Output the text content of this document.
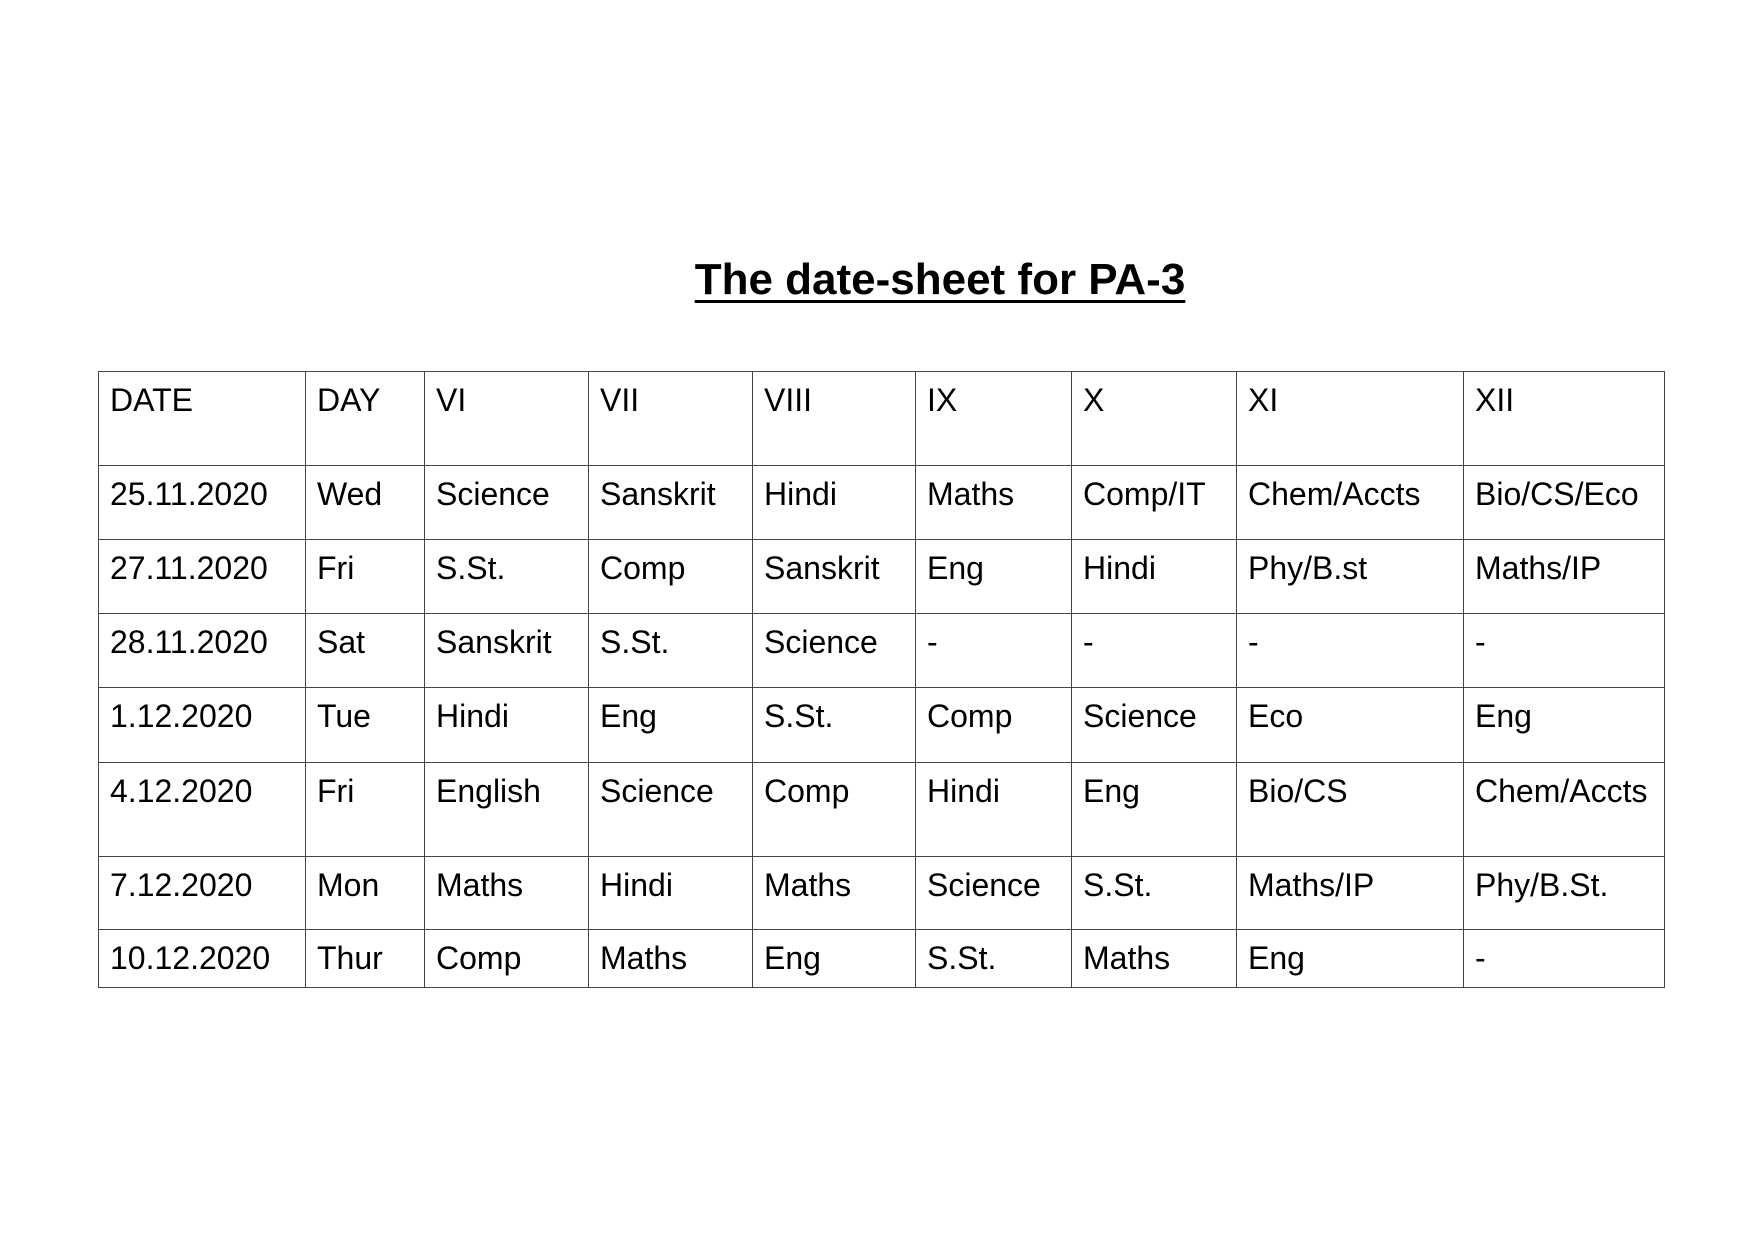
The date-sheet for PA-3
DATE	DAY	VI	VII	VIII	IX	X	XI	XII
25.11.2020	Wed	Science	Sanskrit	Hindi	Maths	Comp/IT	Chem/Accts	Bio/CS/Eco
27.11.2020	Fri	S.St.	Comp	Sanskrit	Eng	Hindi	Phy/B.st	Maths/IP
28.11.2020	Sat	Sanskrit	S.St.	Science	-	-	-	-
1.12.2020	Tue	Hindi	Eng	S.St.	Comp	Science	Eco	Eng
4.12.2020	Fri	English	Science	Comp	Hindi	Eng	Bio/CS	Chem/Accts
7.12.2020	Mon	Maths	Hindi	Maths	Science	S.St.	Maths/IP	Phy/B.St.
10.12.2020	Thur	Comp	Maths	Eng	S.St.	Maths	Eng	-
